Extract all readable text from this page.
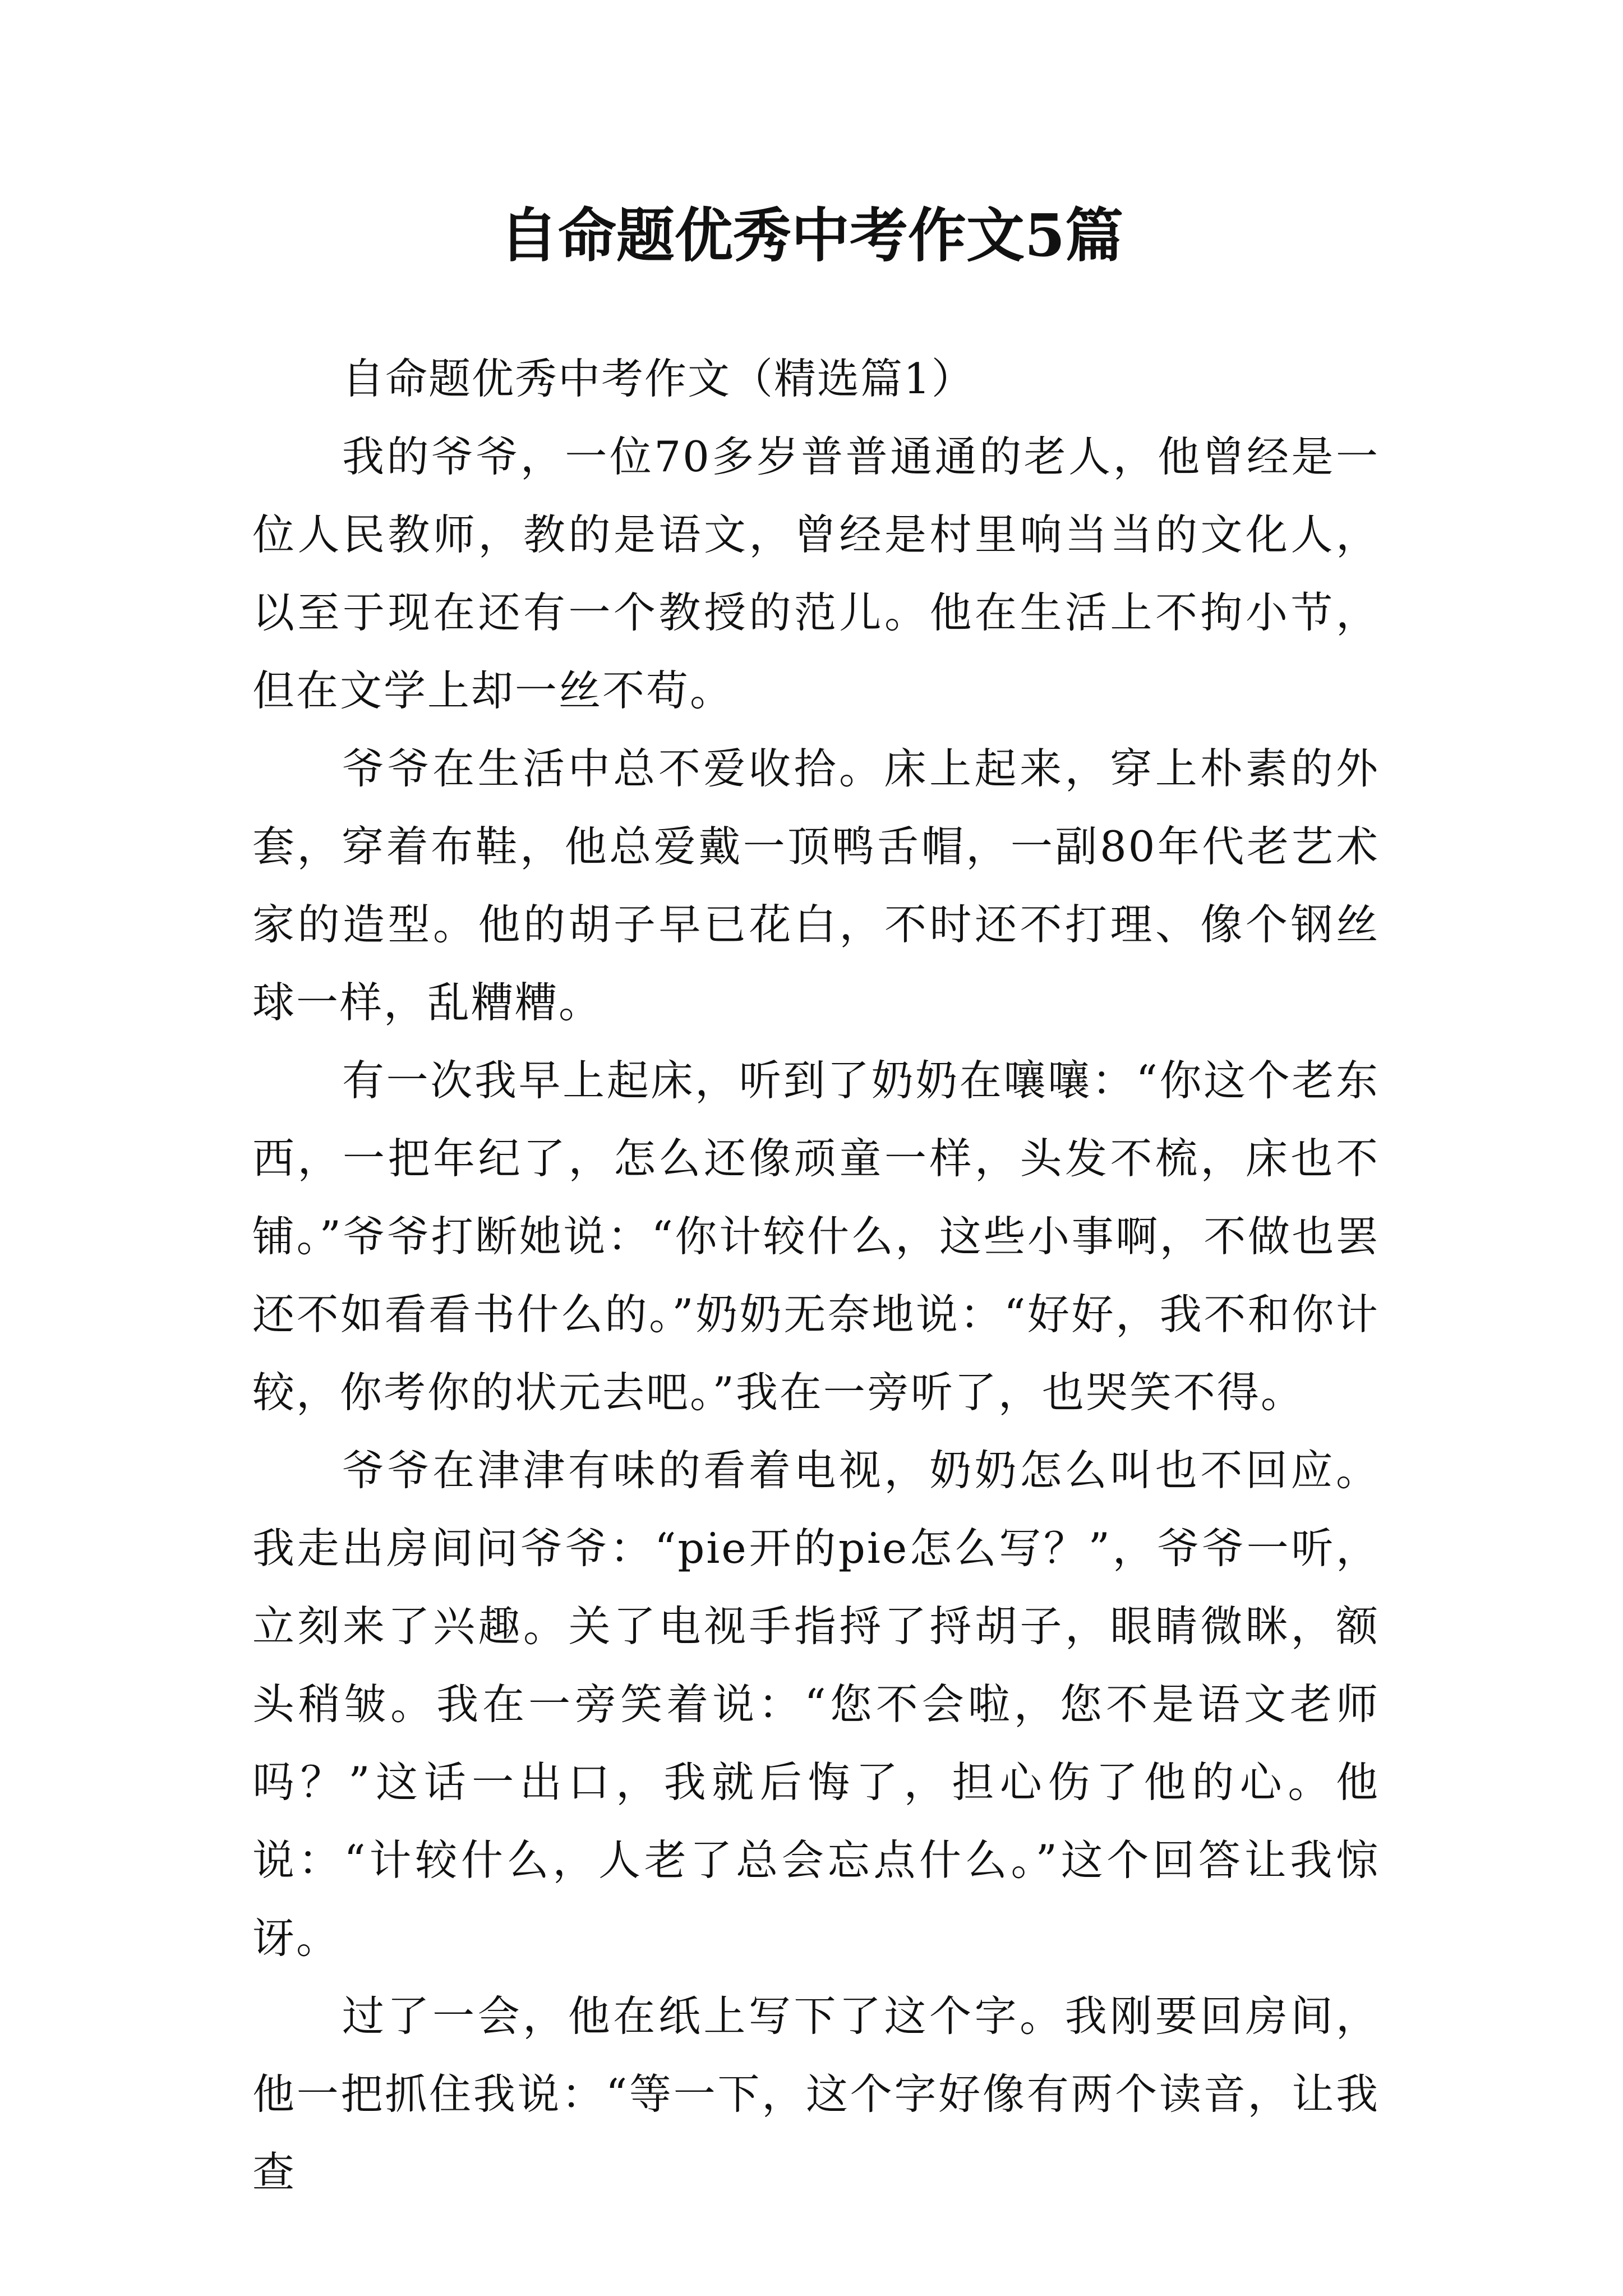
自命题优秀中考作文5篇

自命题优秀中考作文（精选篇1）

我的爷爷，一位70多岁普普通通的老人，他曾经是一位人民教师，教的是语文，曾经是村里响当当的文化人，以至于现在还有一个教授的范儿。他在生活上不拘小节，但在文学上却一丝不苟。

爷爷在生活中总不爱收拾。床上起来，穿上朴素的外套，穿着布鞋，他总爱戴一顶鸭舌帽，一副80年代老艺术家的造型。他的胡子早已花白，不时还不打理、像个钢丝球一样，乱糟糟。

有一次我早上起床，听到了奶奶在嚷嚷：“你这个老东西，一把年纪了，怎么还像顽童一样，头发不梳，床也不铺。”爷爷打断她说：“你计较什么，这些小事啊，不做也罢还不如看看书什么的。”奶奶无奈地说：“好好，我不和你计较，你考你的状元去吧。”我在一旁听了，也哭笑不得。

爷爷在津津有味的看着电视，奶奶怎么叫也不回应。我走出房间问爷爷：“pie开的pie怎么写？”，爷爷一听，立刻来了兴趣。关了电视手指捋了捋胡子，眼睛微眯，额头稍皱。我在一旁笑着说：“您不会啦，您不是语文老师吗？”这话一出口，我就后悔了，担心伤了他的心。他说：“计较什么，人老了总会忘点什么。”这个回答让我惊讶。

过了一会，他在纸上写下了这个字。我刚要回房间，他一把抓住我说：“等一下，这个字好像有两个读音，让我查
